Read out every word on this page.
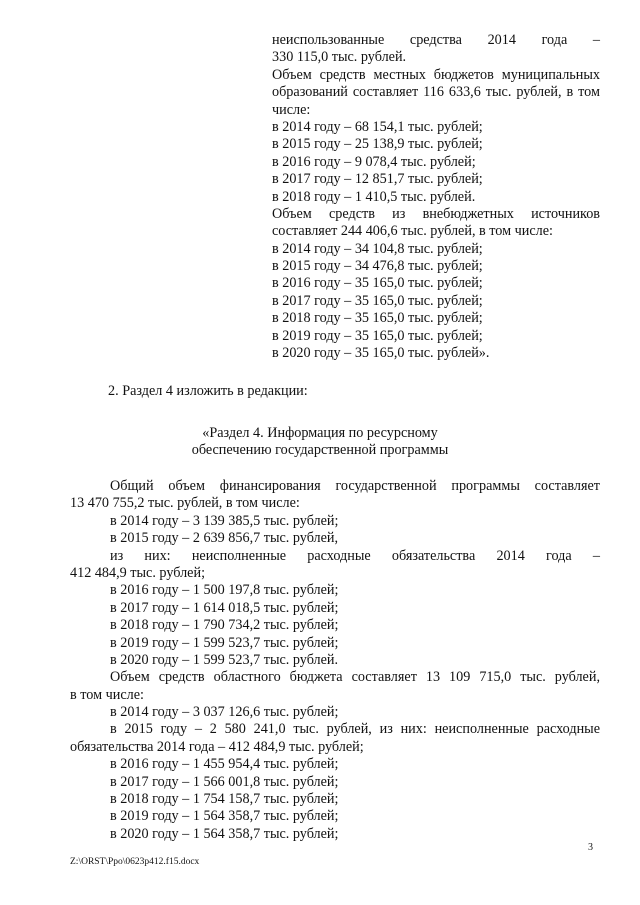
неиспользованные средства 2014 года –
330 115,0 тыс. рублей.
Объем средств местных бюджетов муниципальных
образований составляет 116 633,6 тыс. рублей, в том
числе:
в 2014 году – 68 154,1 тыс. рублей;
в 2015 году – 25 138,9 тыс. рублей;
в 2016 году – 9 078,4 тыс. рублей;
в 2017 году – 12 851,7 тыс. рублей;
в 2018 году – 1 410,5 тыс. рублей.
Объем средств из внебюджетных источников
составляет 244 406,6 тыс. рублей, в том числе:
в 2014 году – 34 104,8 тыс. рублей;
в 2015 году – 34 476,8 тыс. рублей;
в 2016 году – 35 165,0 тыс. рублей;
в 2017 году – 35 165,0 тыс. рублей;
в 2018 году – 35 165,0 тыс. рублей;
в 2019 году – 35 165,0 тыс. рублей;
в 2020 году – 35 165,0 тыс. рублей».
2. Раздел 4 изложить в редакции:
«Раздел 4. Информация по ресурсному
обеспечению государственной программы
Общий объем финансирования государственной программы составляет
13 470 755,2 тыс. рублей, в том числе:
в 2014 году – 3 139 385,5 тыс. рублей;
в 2015 году – 2 639 856,7 тыс. рублей,
из них: неисполненные расходные обязательства 2014 года –
412 484,9 тыс. рублей;
в 2016 году – 1 500 197,8 тыс. рублей;
в 2017 году – 1 614 018,5 тыс. рублей;
в 2018 году – 1 790 734,2 тыс. рублей;
в 2019 году – 1 599 523,7 тыс. рублей;
в 2020 году – 1 599 523,7 тыс. рублей.
Объем средств областного бюджета составляет 13 109 715,0 тыс. рублей,
в том числе:
в 2014 году – 3 037 126,6 тыс. рублей;
в 2015 году – 2 580 241,0 тыс. рублей, из них: неисполненные расходные
обязательства 2014 года – 412 484,9 тыс. рублей;
в 2016 году – 1 455 954,4 тыс. рублей;
в 2017 году – 1 566 001,8 тыс. рублей;
в 2018 году – 1 754 158,7 тыс. рублей;
в 2019 году – 1 564 358,7 тыс. рублей;
в 2020 году – 1 564 358,7 тыс. рублей;
3
Z:\ORST\Ppo\0623p412.f15.docx
